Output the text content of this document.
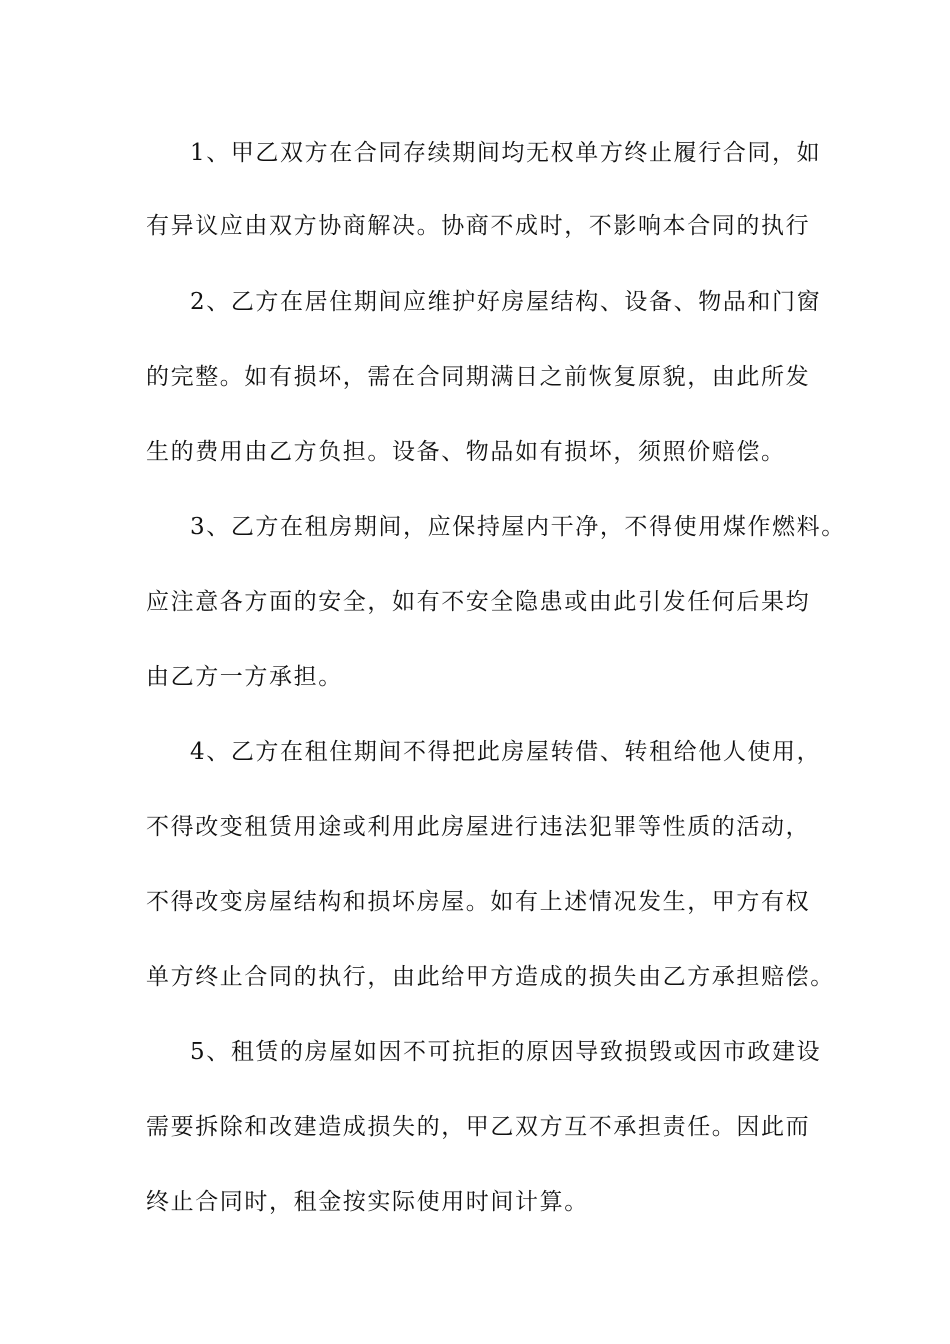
1、甲乙双方在合同存续期间均无权单方终止履行合同，如
有异议应由双方协商解决。协商不成时，不影响本合同的执行
2、乙方在居住期间应维护好房屋结构、设备、物品和门窗
的完整。如有损坏，需在合同期满日之前恢复原貌，由此所发
生的费用由乙方负担。设备、物品如有损坏，须照价赔偿。
3、乙方在租房期间，应保持屋内干净，不得使用煤作燃料。
应注意各方面的安全，如有不安全隐患或由此引发任何后果均
由乙方一方承担。
4、乙方在租住期间不得把此房屋转借、转租给他人使用，
不得改变租赁用途或利用此房屋进行违法犯罪等性质的活动，
不得改变房屋结构和损坏房屋。如有上述情况发生，甲方有权
单方终止合同的执行，由此给甲方造成的损失由乙方承担赔偿。
5、租赁的房屋如因不可抗拒的原因导致损毁或因市政建设
需要拆除和改建造成损失的，甲乙双方互不承担责任。因此而
终止合同时，租金按实际使用时间计算。
